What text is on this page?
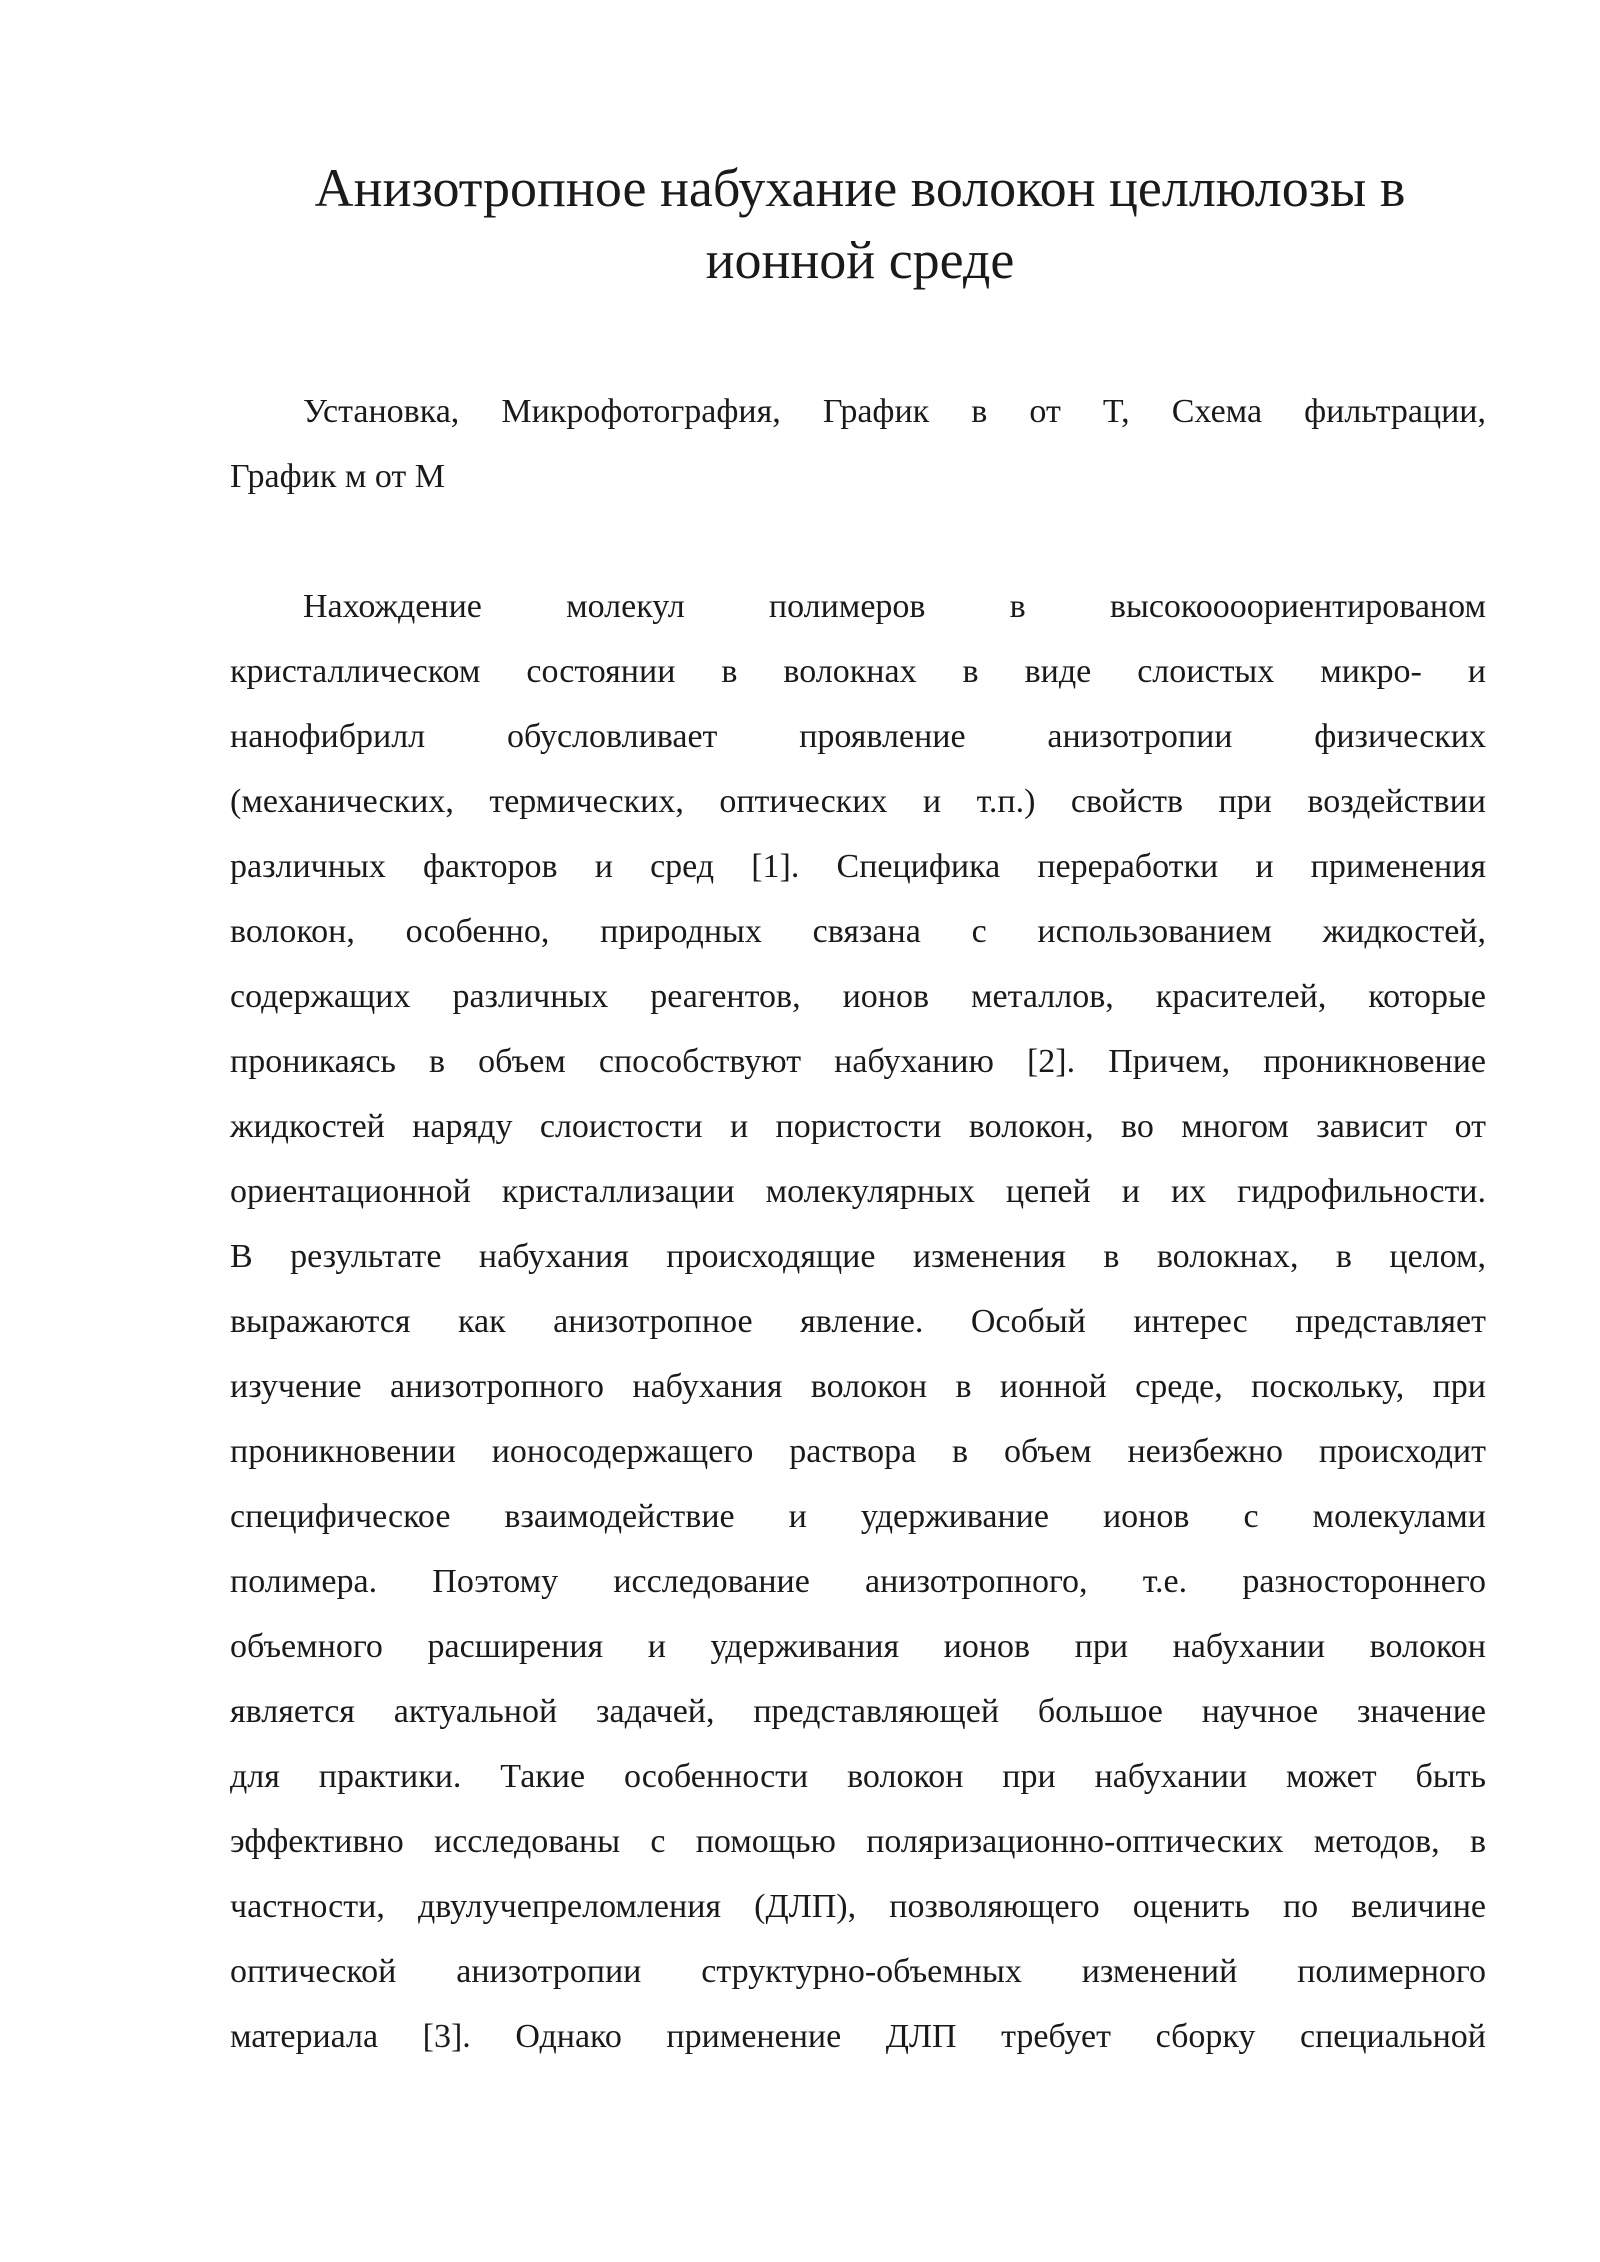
Анизотропное набухание волокон целлюлозы в
ионной среде

Установка, Микрофотография, График в от T, Схема фильтрации,

График м от M

Нахождение молекул полимеров в высокоооориентированом

кристаллическом состоянии в волокнах в виде слоистых микро- и

нанофибрилл обусловливает проявление анизотропии физических

(механических, термических, оптических и т.п.) свойств при воздействии

различных факторов и сред [1]. Специфика переработки и применения

волокон, особенно, природных связана с использованием жидкостей,

содержащих различных реагентов, ионов металлов, красителей, которые

проникаясь в объем способствуют набуханию [2]. Причем, проникновение

жидкостей наряду слоистости и пористости волокон, во многом зависит от

ориентационной кристаллизации молекулярных цепей и их гидрофильности.

В результате набухания происходящие изменения в волокнах, в целом,

выражаются как анизотропное явление. Особый интерес представляет

изучение анизотропного набухания волокон в ионной среде, поскольку, при

проникновении ионосодержащего раствора в объем неизбежно происходит

специфическое взаимодействие и удерживание ионов с молекулами

полимера. Поэтому исследование анизотропного, т.е. разностороннего

объемного расширения и удерживания ионов при набухании волокон

является актуальной задачей, представляющей большое научное значение

для практики. Такие особенности волокон при набухании может быть

эффективно исследованы с помощью поляризационно-оптических методов, в

частности, двулучепреломления (ДЛП), позволяющего оценить по величине

оптической анизотропии структурно-объемных изменений полимерного

материала [3]. Однако применение ДЛП требует сборку специальной
